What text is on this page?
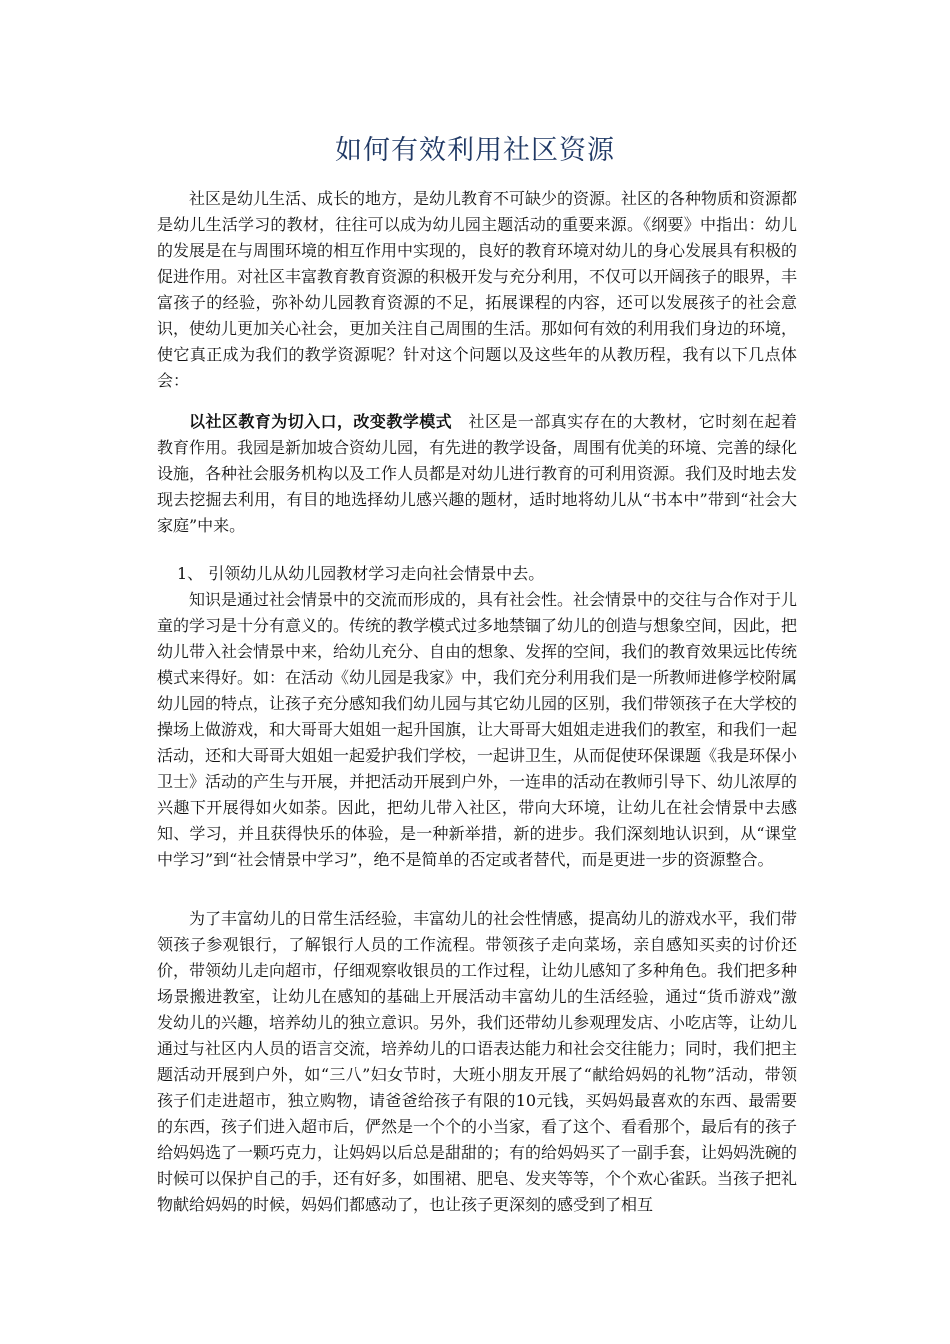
如何有效利用社区资源

社区是幼儿生活、成长的地方，是幼儿教育不可缺少的资源。社区的各种物质和资源都是幼儿生活学习的教材，往往可以成为幼儿园主题活动的重要来源。《纲要》中指出：幼儿的发展是在与周围环境的相互作用中实现的，良好的教育环境对幼儿的身心发展具有积极的促进作用。对社区丰富教育教育资源的积极开发与充分利用，不仅可以开阔孩子的眼界，丰富孩子的经验，弥补幼儿园教育资源的不足，拓展课程的内容，还可以发展孩子的社会意识，使幼儿更加关心社会，更加关注自己周围的生活。那如何有效的利用我们身边的环境，使它真正成为我们的教学资源呢？针对这个问题以及这些年的从教历程，我有以下几点体会：

以社区教育为切入口，改变教学模式　 社区是一部真实存在的大教材，它时刻在起着教育作用。我园是新加坡合资幼儿园，有先进的教学设备，周围有优美的环境、完善的绿化设施，各种社会服务机构以及工作人员都是对幼儿进行教育的可利用资源。我们及时地去发现去挖掘去利用，有目的地选择幼儿感兴趣的题材，适时地将幼儿从“书本中”带到“社会大家庭”中来。

1、 引领幼儿从幼儿园教材学习走向社会情景中去。

知识是通过社会情景中的交流而形成的，具有社会性。社会情景中的交往与合作对于儿童的学习是十分有意义的。传统的教学模式过多地禁锢了幼儿的创造与想象空间，因此，把幼儿带入社会情景中来，给幼儿充分、自由的想象、发挥的空间，我们的教育效果远比传统模式来得好。如：在活动《幼儿园是我家》中，我们充分利用我们是一所教师进修学校附属幼儿园的特点，让孩子充分感知我们幼儿园与其它幼儿园的区别，我们带领孩子在大学校的操场上做游戏，和大哥哥大姐姐一起升国旗，让大哥哥大姐姐走进我们的教室，和我们一起活动，还和大哥哥大姐姐一起爱护我们学校，一起讲卫生，从而促使环保课题《我是环保小卫士》活动的产生与开展，并把活动开展到户外，一连串的活动在教师引导下、幼儿浓厚的兴趣下开展得如火如荼。因此，把幼儿带入社区，带向大环境，让幼儿在社会情景中去感知、学习，并且获得快乐的体验，是一种新举措，新的进步。我们深刻地认识到，从“课堂中学习”到“社会情景中学习”，绝不是简单的否定或者替代，而是更进一步的资源整合。

为了丰富幼儿的日常生活经验，丰富幼儿的社会性情感，提高幼儿的游戏水平，我们带领孩子参观银行，了解银行人员的工作流程。带领孩子走向菜场，亲自感知买卖的讨价还价，带领幼儿走向超市，仔细观察收银员的工作过程，让幼儿感知了多种角色。我们把多种场景搬进教室，让幼儿在感知的基础上开展活动丰富幼儿的生活经验，通过“货币游戏”激发幼儿的兴趣，培养幼儿的独立意识。另外，我们还带幼儿参观理发店、小吃店等，让幼儿通过与社区内人员的语言交流，培养幼儿的口语表达能力和社会交往能力；同时，我们把主题活动开展到户外，如“三八”妇女节时，大班小朋友开展了“献给妈妈的礼物”活动，带领孩子们走进超市，独立购物，请爸爸给孩子有限的10元钱，买妈妈最喜欢的东西、最需要的东西，孩子们进入超市后，俨然是一个个的小当家，看了这个、看看那个，最后有的孩子给妈妈选了一颗巧克力，让妈妈以后总是甜甜的；有的给妈妈买了一副手套，让妈妈洗碗的时候可以保护自己的手，还有好多，如围裙、肥皂、发夹等等，个个欢心雀跃。当孩子把礼物献给妈妈的时候，妈妈们都感动了，也让孩子更深刻的感受到了相互
